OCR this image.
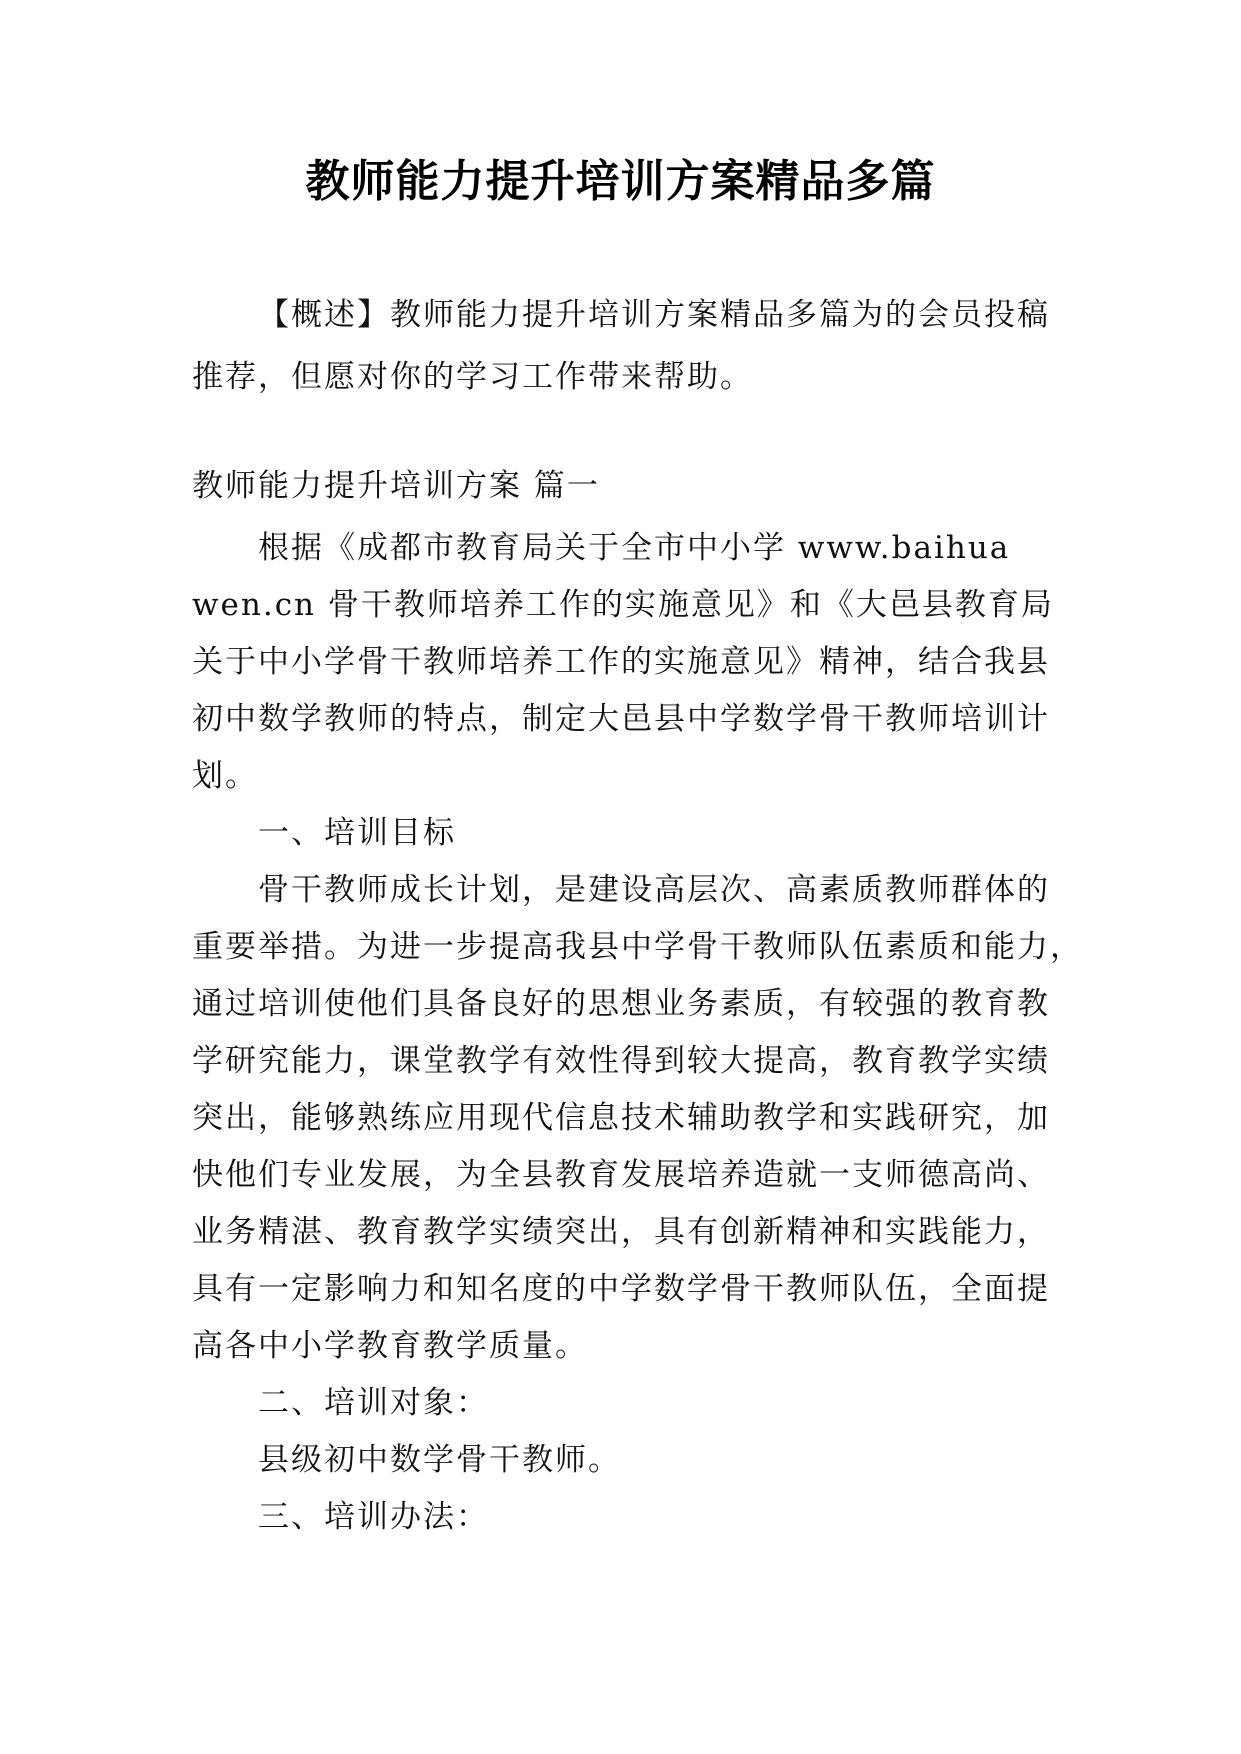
教师能力提升培训方案精品多篇
【概述】教师能力提升培训方案精品多篇为的会员投稿
推荐，但愿对你的学习工作带来帮助。
教师能力提升培训方案 篇一
根据《成都市教育局关于全市中小学 www.baihua
wen.cn 骨干教师培养工作的实施意见》和《大邑县教育局
关于中小学骨干教师培养工作的实施意见》精神，结合我县
初中数学教师的特点，制定大邑县中学数学骨干教师培训计
划。
一、培训目标
骨干教师成长计划，是建设高层次、高素质教师群体的
重要举措。为进一步提高我县中学骨干教师队伍素质和能力，
通过培训使他们具备良好的思想业务素质，有较强的教育教
学研究能力，课堂教学有效性得到较大提高，教育教学实绩
突出，能够熟练应用现代信息技术辅助教学和实践研究，加
快他们专业发展，为全县教育发展培养造就一支师德高尚、
业务精湛、教育教学实绩突出，具有创新精神和实践能力，
具有一定影响力和知名度的中学数学骨干教师队伍，全面提
高各中小学教育教学质量。
二、培训对象：
县级初中数学骨干教师。
三、培训办法：
